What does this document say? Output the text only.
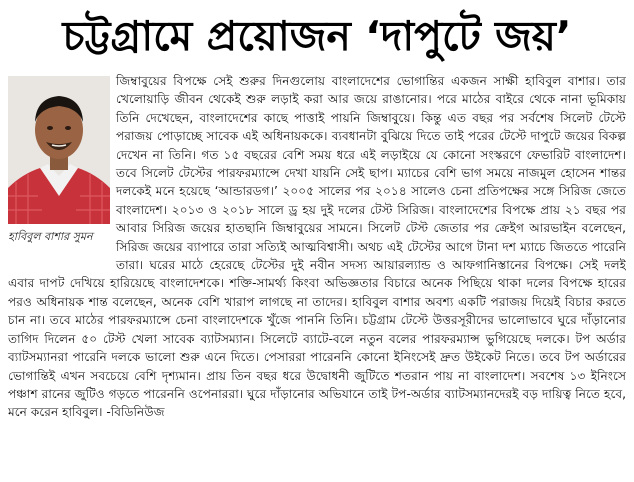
চট্টগ্রামে প্রয়োজন ‘দাপুটে জয়’
হাবিবুল বাশার সুমন

জিম্বাবুয়ের বিপক্ষে সেই শুরুর দিনগুলোয় বাংলাদেশের ভোগান্তির একজন সাক্ষী হাবিবুল বাশার। তার খেলোয়াড়ি জীবন থেকেই শুরু লড়াই করা আর জয়ে রাঙানোর। পরে মাঠের বাইরে থেকে নানা ভূমিকায় তিনি দেখেছেন, বাংলাদেশের কাছে পাত্তাই পায়নি জিম্বাবুয়ে। কিন্তু এত বছর পর সর্বশেষ সিলেট টেস্টে পরাজয় পোড়াচ্ছে সাবেক এই অধিনায়ককে। ব্যবধানটা বুঝিয়ে দিতে তাই পরের টেস্টে দাপুটে জয়ের বিকল্প দেখেন না তিনি। গত ১৫ বছরের বেশি সময় ধরে এই লড়াইয়ে যে কোনো সংস্করণে ফেভারিট বাংলাদেশ। তবে সিলেট টেস্টের পারফরম্যান্সে দেখা যায়নি সেই ছাপ। ম্যাচের বেশি ভাগ সময়ে নাজমুল হোসেন শান্তর দলকেই মনে হয়েছে ‘আন্ডারডগ।’ ২০০৫ সালের পর ২০১৪ সালেও চেনা প্রতিপক্ষের সঙ্গে সিরিজ জেতে বাংলাদেশ। ২০১৩ ও ২০১৮ সালে ড্র হয় দুই দলের টেস্ট সিরিজ। বাংলাদেশের বিপক্ষে প্রায় ২১ বছর পর আবার সিরিজ জয়ের হাতছানি জিম্বাবুয়ের সামনে। সিলেট টেস্ট জেতার পর ক্রেইগ আরভাইন বলেছেন, সিরিজ জয়ের ব্যাপারে তারা সত্যিই আত্মবিশ্বাসী। অথচ এই টেস্টের আগে টানা দশ ম্যাচে জিততে পারেনি তারা। ঘরের মাঠে হেরেছে টেস্টের দুই নবীন সদস্য আয়ারল্যান্ড ও আফগানিস্তানের বিপক্ষে। সেই দলই এবার দাপট দেখিয়ে হারিয়েছে বাংলাদেশকে। শক্তি-সামর্থ্য কিংবা অভিজ্ঞতার বিচারে অনেক পিছিয়ে থাকা দলের বিপক্ষে হারের পরও অধিনায়ক শান্ত বলেছেন, অনেক বেশি খারাপ লাগছে না তাদের। হাবিবুল বাশার অবশ্য একটি পরাজয় দিয়েই বিচার করতে চান না। তবে মাঠের পারফরম্যান্সে চেনা বাংলাদেশকে খুঁজে পাননি তিনি। চট্টগ্রাম টেস্টে উত্তরসূরীদের ভালোভাবে ঘুরে দাঁড়ানোর তাগিদ দিলেন ৫০ টেস্ট খেলা সাবেক ব্যাটসম্যান। সিলেটে ব্যাটে-বলে নতুন বলের পারফরম্যান্স ভুগিয়েছে দলকে। টপ অর্ডার ব্যাটসম্যানরা পারেনি দলকে ভালো শুরু এনে দিতে। পেসাররা পারেননি কোনো ইনিংসেই দ্রুত উইকেট নিতে। তবে টপ অর্ডারের ভোগান্তিই এখন সবচেয়ে বেশি দৃশ্যমান। প্রায় তিন বছর ধরে উদ্বোধনী জুটিতে শতরান পায় না বাংলাদেশ। সবশেষ ১৩ ইনিংসে পঞ্চাশ রানের জুটিও গড়তে পারেননি ওপেনাররা। ঘুরে দাঁড়ানোর অভিযানে তাই টপ-অর্ডার ব্যাটসম্যানদেরই বড় দায়িত্ব নিতে হবে, মনে করেন হাবিবুল। -বিডিনিউজ
